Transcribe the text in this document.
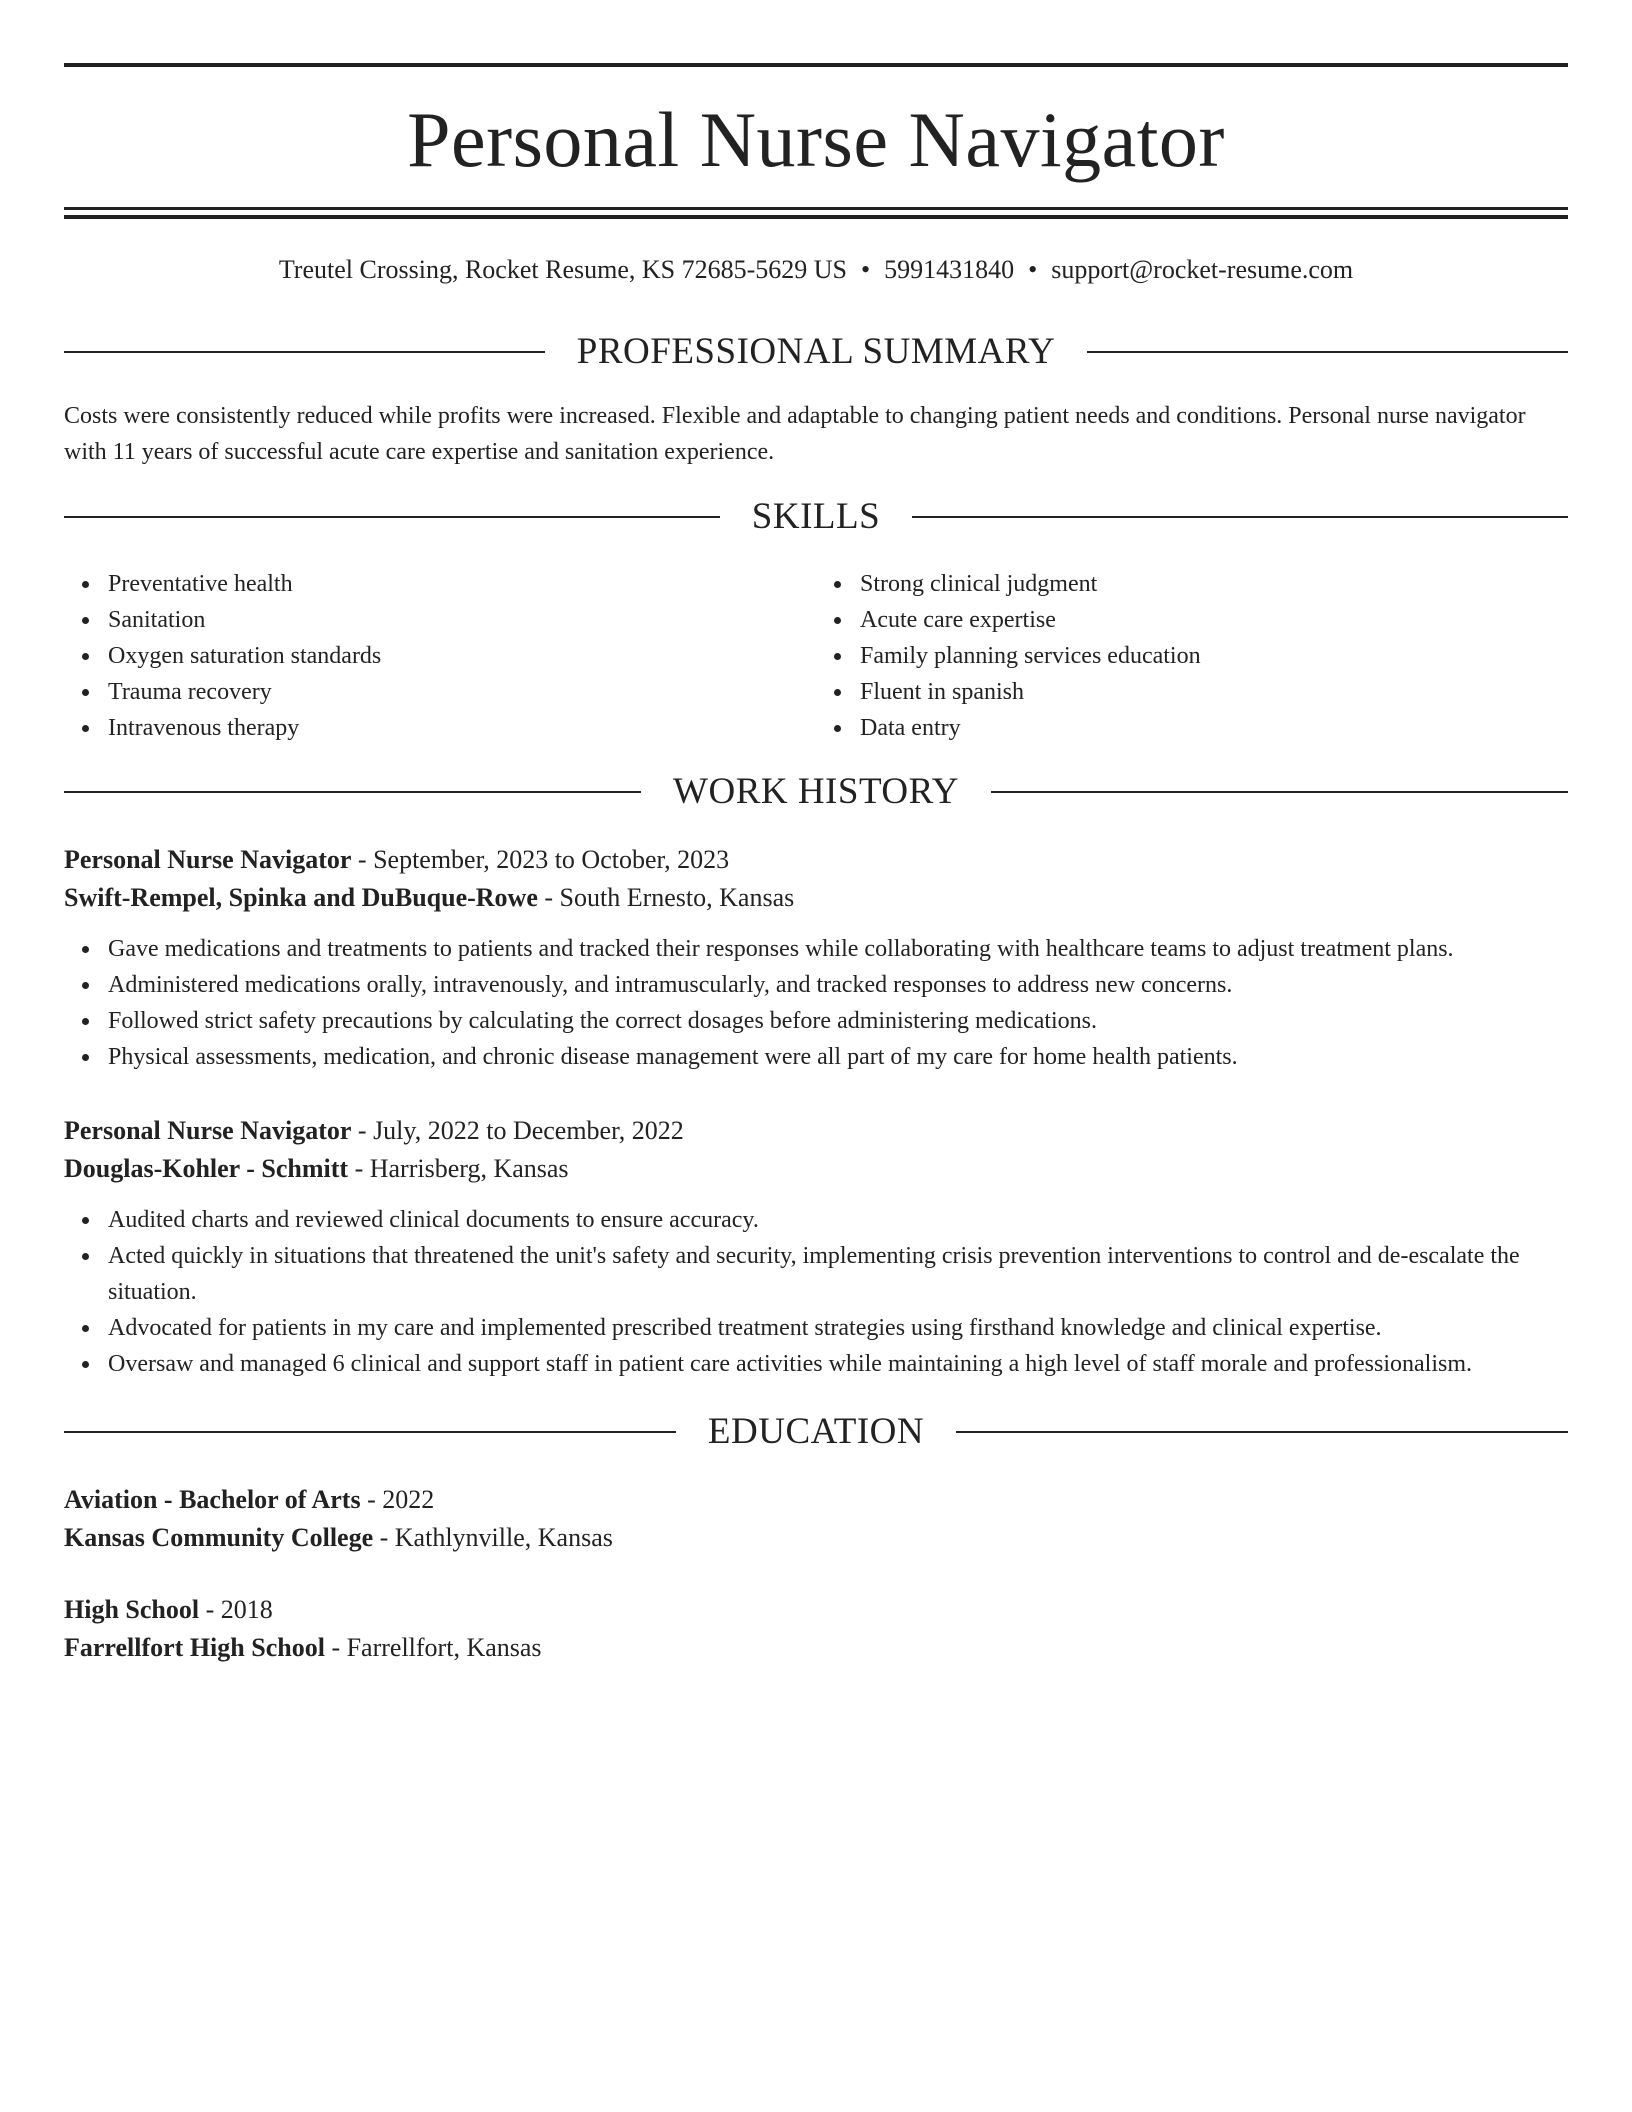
Personal Nurse Navigator
Treutel Crossing, Rocket Resume, KS 72685-5629 US • 5991431840 • support@rocket-resume.com
PROFESSIONAL SUMMARY
Costs were consistently reduced while profits were increased. Flexible and adaptable to changing patient needs and conditions. Personal nurse navigator with 11 years of successful acute care expertise and sanitation experience.
SKILLS
Preventative health
Sanitation
Oxygen saturation standards
Trauma recovery
Intravenous therapy
Strong clinical judgment
Acute care expertise
Family planning services education
Fluent in spanish
Data entry
WORK HISTORY
Personal Nurse Navigator - September, 2023 to October, 2023
Swift-Rempel, Spinka and DuBuque-Rowe - South Ernesto, Kansas
Gave medications and treatments to patients and tracked their responses while collaborating with healthcare teams to adjust treatment plans.
Administered medications orally, intravenously, and intramuscularly, and tracked responses to address new concerns.
Followed strict safety precautions by calculating the correct dosages before administering medications.
Physical assessments, medication, and chronic disease management were all part of my care for home health patients.
Personal Nurse Navigator - July, 2022 to December, 2022
Douglas-Kohler - Schmitt - Harrisberg, Kansas
Audited charts and reviewed clinical documents to ensure accuracy.
Acted quickly in situations that threatened the unit's safety and security, implementing crisis prevention interventions to control and de-escalate the situation.
Advocated for patients in my care and implemented prescribed treatment strategies using firsthand knowledge and clinical expertise.
Oversaw and managed 6 clinical and support staff in patient care activities while maintaining a high level of staff morale and professionalism.
EDUCATION
Aviation - Bachelor of Arts - 2022
Kansas Community College - Kathlynville, Kansas
High School - 2018
Farrellfort High School - Farrellfort, Kansas
